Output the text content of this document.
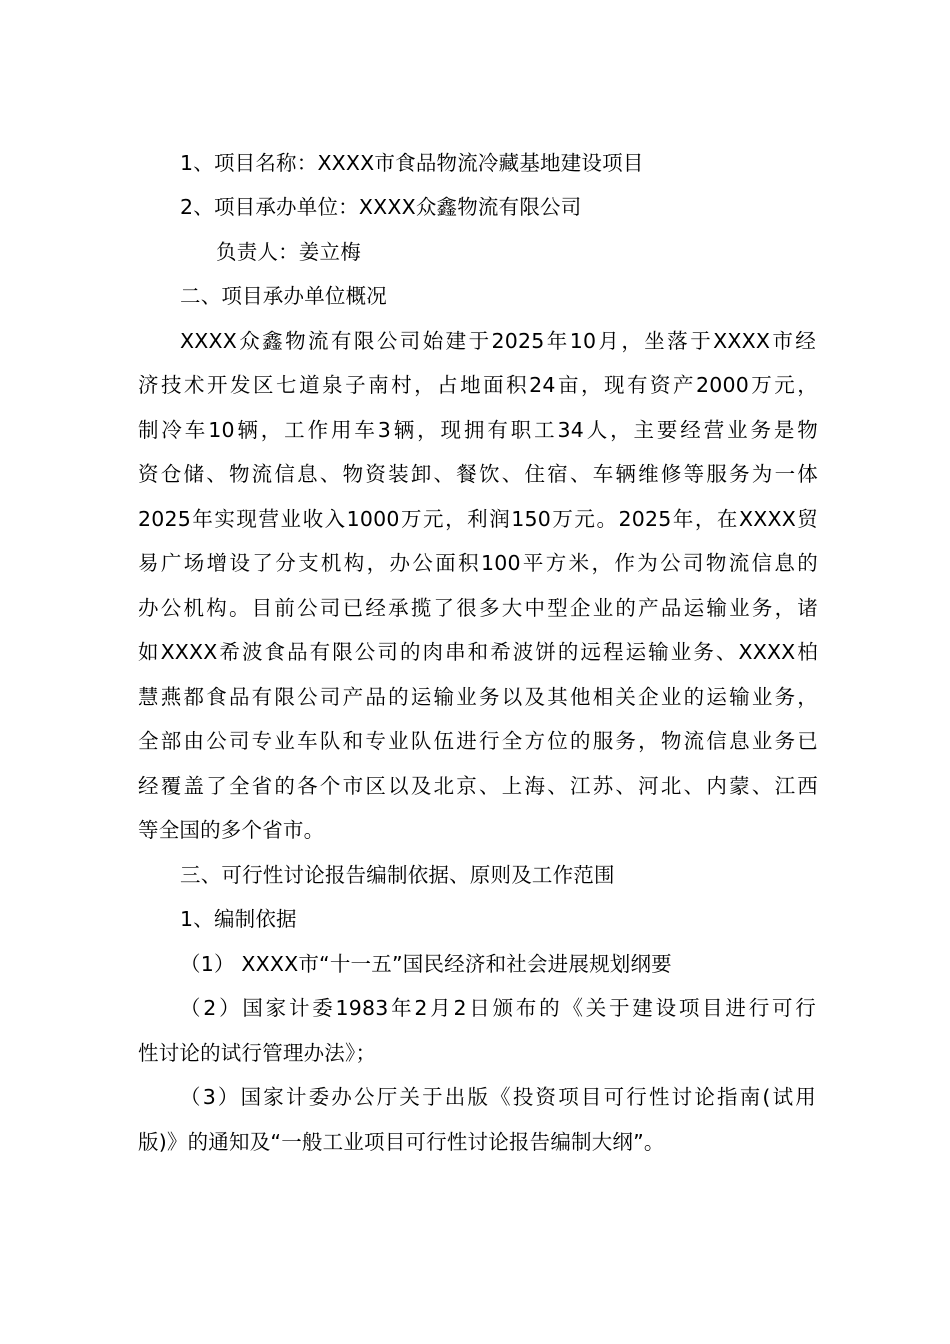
1、项目名称：XXXX市食品物流冷藏基地建设项目
2、项目承办单位：XXXX众鑫物流有限公司
负责人：姜立梅
二、项目承办单位概况
XXXX众鑫物流有限公司始建于2025年10月，坐落于XXXX市经
济技术开发区七道泉子南村，占地面积24亩，现有资产2000万元，
制冷车10辆，工作用车3辆，现拥有职工34人，主要经营业务是物
资仓储、物流信息、物资装卸、餐饮、住宿、车辆维修等服务为一体
2025年实现营业收入1000万元，利润150万元。2025年，在XXXX贸
易广场增设了分支机构，办公面积100平方米，作为公司物流信息的
办公机构。目前公司已经承揽了很多大中型企业的产品运输业务，诸
如XXXX希波食品有限公司的肉串和希波饼的远程运输业务、XXXX柏
慧燕都食品有限公司产品的运输业务以及其他相关企业的运输业务，
全部由公司专业车队和专业队伍进行全方位的服务，物流信息业务已
经覆盖了全省的各个市区以及北京、上海、江苏、河北、内蒙、江西
等全国的多个省市。
三、可行性讨论报告编制依据、原则及工作范围
1、编制依据
（1） XXXX市“十一五”国民经济和社会进展规划纲要
（2）国家计委1983年2月2日颁布的《关于建设项目进行可行
性讨论的试行管理办法》；
（3）国家计委办公厅关于出版《投资项目可行性讨论指南(试用
版)》的通知及“一般工业项目可行性讨论报告编制大纲”。
